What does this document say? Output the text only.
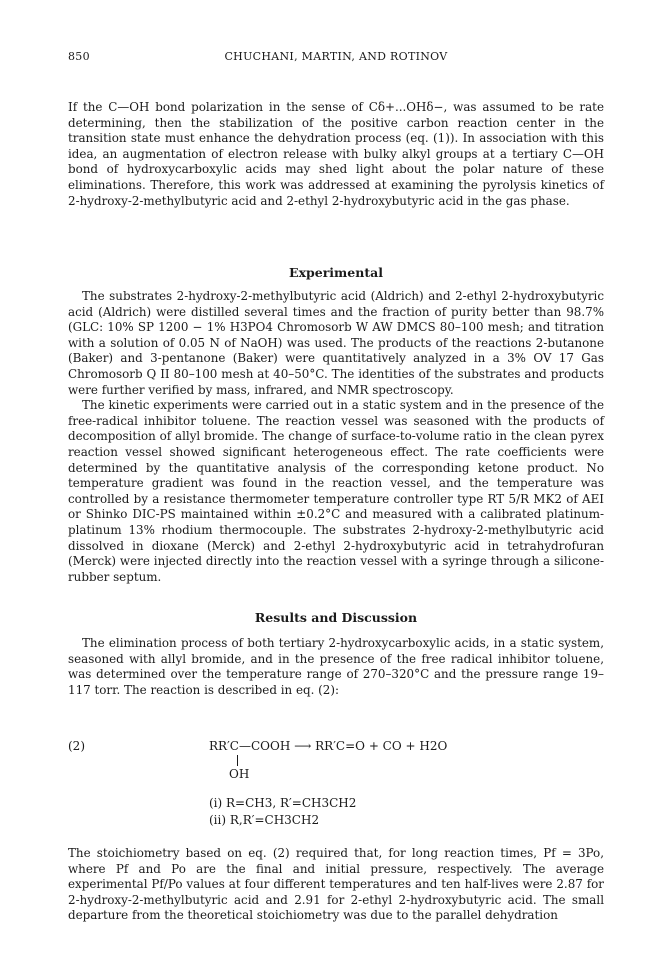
850	CHUCHANI, MARTIN, AND ROTINOV

If the C—OH bond polarization in the sense of Cδ+...OHδ−, was assumed to be rate determining, then the stabilization of the positive carbon reaction center in the transition state must enhance the dehydration process (eq. (1)). In association with this idea, an augmentation of electron release with bulky alkyl groups at a tertiary C—OH bond of hydroxycarboxylic acids may shed light about the polar nature of these eliminations. Therefore, this work was addressed at examining the pyrolysis kinetics of 2-hydroxy-2-methylbutyric acid and 2-ethyl 2-hydroxybutyric acid in the gas phase.

Experimental

The substrates 2-hydroxy-2-methylbutyric acid (Aldrich) and 2-ethyl 2-hydroxybutyric acid (Aldrich) were distilled several times and the fraction of purity better than 98.7% (GLC: 10% SP 1200 − 1% H3PO4 Chromosorb W AW DMCS 80–100 mesh; and titration with a solution of 0.05 N of NaOH) was used. The products of the reactions 2-butanone (Baker) and 3-pentanone (Baker) were quantitatively analyzed in a 3% OV 17 Gas Chromosorb Q II 80–100 mesh at 40–50°C. The identities of the substrates and products were further verified by mass, infrared, and NMR spectroscopy.

The kinetic experiments were carried out in a static system and in the presence of the free-radical inhibitor toluene. The reaction vessel was seasoned with the products of decomposition of allyl bromide. The change of surface-to-volume ratio in the clean pyrex reaction vessel showed significant heterogeneous effect. The rate coefficients were determined by the quantitative analysis of the corresponding ketone product. No temperature gradient was found in the reaction vessel, and the temperature was controlled by a resistance thermometer temperature controller type RT 5/R MK2 of AEI or Shinko DIC-PS maintained within ±0.2°C and measured with a calibrated platinum-platinum 13% rhodium thermocouple. The substrates 2-hydroxy-2-methylbutyric acid dissolved in dioxane (Merck) and 2-ethyl 2-hydroxybutyric acid in tetrahydrofuran (Merck) were injected directly into the reaction vessel with a syringe through a silicone-rubber septum.

Results and Discussion

The elimination process of both tertiary 2-hydroxycarboxylic acids, in a static system, seasoned with allyl bromide, and in the presence of the free radical inhibitor toluene, was determined over the temperature range of 270–320°C and the pressure range 19–117 torr. The reaction is described in eq. (2):

(2)	RR′C—COOH ⟶ RR′C=O + CO + H2O
OH
(i) R=CH3, R′=CH3CH2
(ii) R,R′=CH3CH2

The stoichiometry based on eq. (2) required that, for long reaction times, Pf = 3Po, where Pf and Po are the final and initial pressure, respectively. The average experimental Pf/Po values at four different temperatures and ten half-lives were 2.87 for 2-hydroxy-2-methylbutyric acid and 2.91 for 2-ethyl 2-hydroxybutyric acid. The small departure from the theoretical stoichiometry was due to the parallel dehydration
